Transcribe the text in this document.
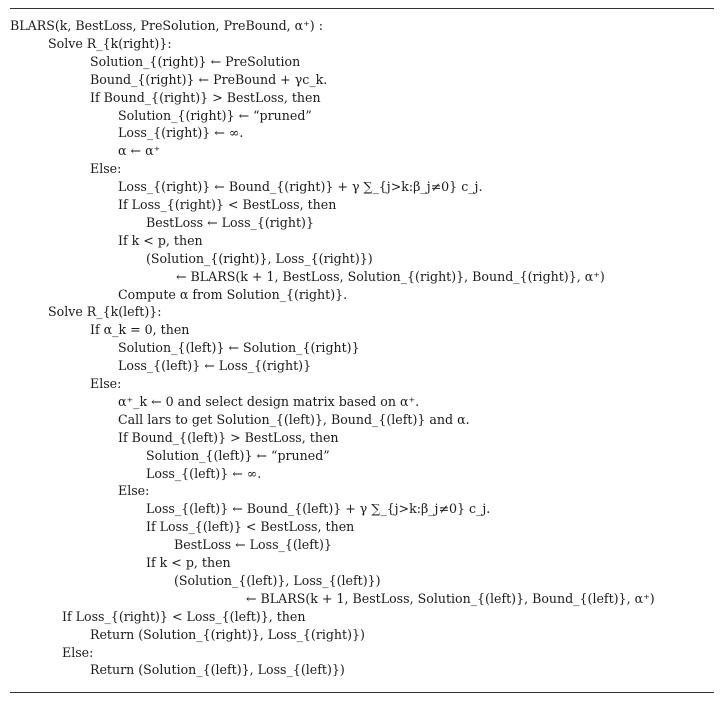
BLARS(k, BestLoss, PreSolution, PreBound, α⁺) :
Solve R_{k(right)}:
Solution_{(right)} ← PreSolution
Bound_{(right)} ← PreBound + γc_k.
If Bound_{(right)} > BestLoss, then
Solution_{(right)} ← “pruned”
Loss_{(right)} ← ∞.
α ← α⁺
Else:
Loss_{(right)} ← Bound_{(right)} + γ ∑_{j>k:β_j≠0} c_j.
If Loss_{(right)} < BestLoss, then
BestLoss ← Loss_{(right)}
If k < p, then
(Solution_{(right)}, Loss_{(right)})
← BLARS(k + 1, BestLoss, Solution_{(right)}, Bound_{(right)}, α⁺)
Compute α from Solution_{(right)}.
Solve R_{k(left)}:
If α_k = 0, then
Solution_{(left)} ← Solution_{(right)}
Loss_{(left)} ← Loss_{(right)}
Else:
α⁺_k ← 0 and select design matrix based on α⁺.
Call lars to get Solution_{(left)}, Bound_{(left)} and α.
If Bound_{(left)} > BestLoss, then
Solution_{(left)} ← “pruned”
Loss_{(left)} ← ∞.
Else:
Loss_{(left)} ← Bound_{(left)} + γ ∑_{j>k:β_j≠0} c_j.
If Loss_{(left)} < BestLoss, then
BestLoss ← Loss_{(left)}
If k < p, then
(Solution_{(left)}, Loss_{(left)})
← BLARS(k + 1, BestLoss, Solution_{(left)}, Bound_{(left)}, α⁺)
If Loss_{(right)} < Loss_{(left)}, then
Return (Solution_{(right)}, Loss_{(right)})
Else:
Return (Solution_{(left)}, Loss_{(left)})
